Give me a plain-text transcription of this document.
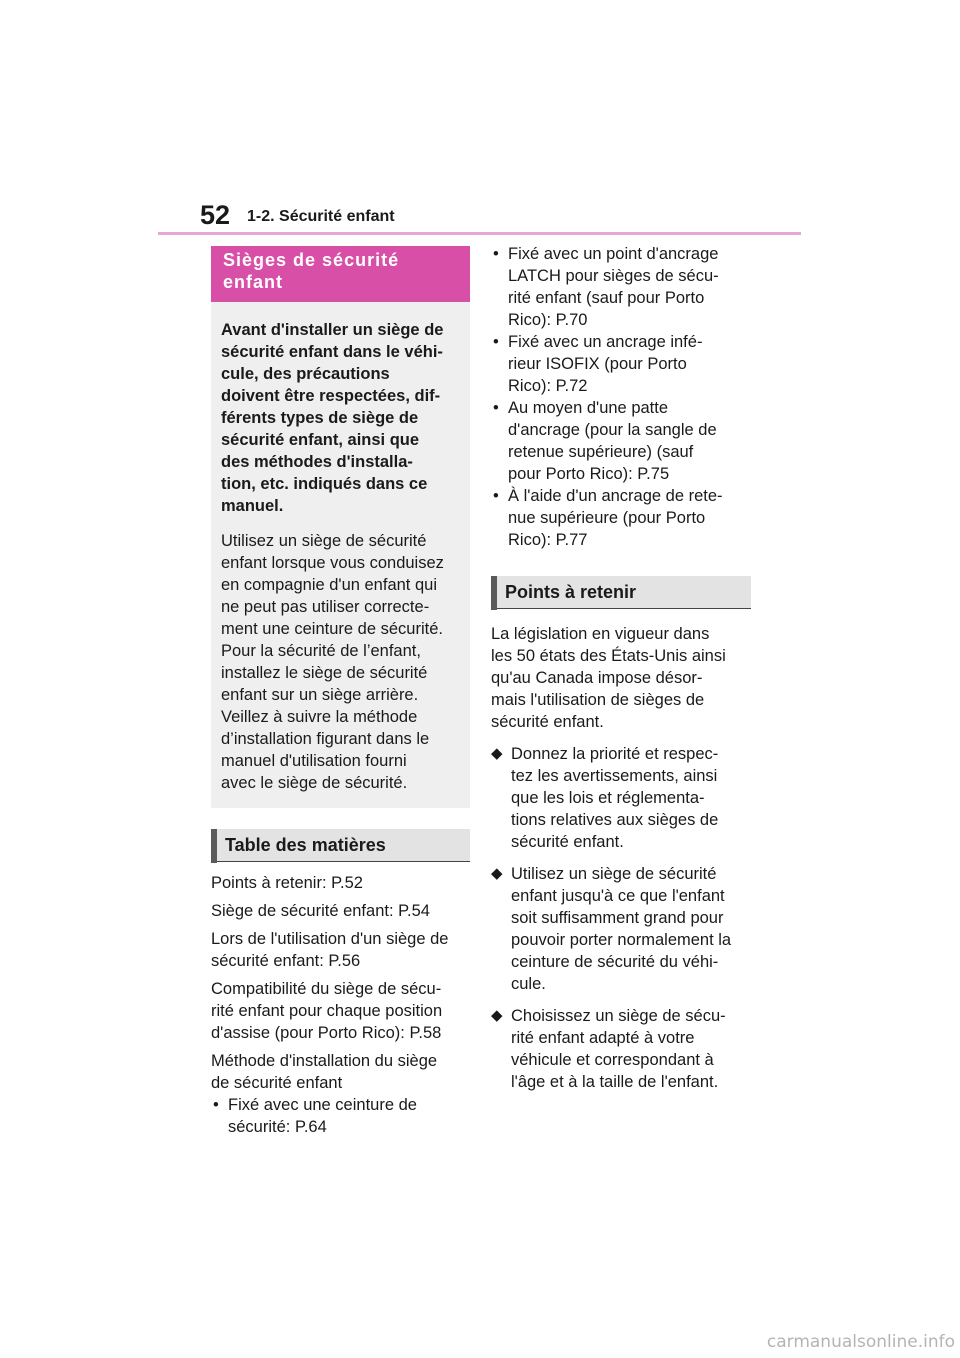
52 1-2. Sécurité enfant
Sièges de sécurité
enfant

Avant d'installer un siège de
sécurité enfant dans le véhi-
cule, des précautions
doivent être respectées, dif-
férents types de siège de
sécurité enfant, ainsi que
des méthodes d'installa-
tion, etc. indiqués dans ce
manuel.

Utilisez un siège de sécurité
enfant lorsque vous conduisez
en compagnie d'un enfant qui
ne peut pas utiliser correcte-
ment une ceinture de sécurité.
Pour la sécurité de l’enfant,
installez le siège de sécurité
enfant sur un siège arrière.
Veillez à suivre la méthode
d’installation figurant dans le
manuel d'utilisation fourni
avec le siège de sécurité.

Table des matières

Points à retenir: P.52

Siège de sécurité enfant: P.54

Lors de l'utilisation d'un siège de
sécurité enfant: P.56

Compatibilité du siège de sécu-
rité enfant pour chaque position
d'assise (pour Porto Rico): P.58

Méthode d'installation du siège
de sécurité enfant

• Fixé avec une ceinture de
sécurité: P.64
• Fixé avec un point d'ancrage
LATCH pour sièges de sécu-
rité enfant (sauf pour Porto
Rico): P.70
• Fixé avec un ancrage infé-
rieur ISOFIX (pour Porto
Rico): P.72
• Au moyen d'une patte
d'ancrage (pour la sangle de
retenue supérieure) (sauf
pour Porto Rico): P.75
• À l'aide d'un ancrage de rete-
nue supérieure (pour Porto
Rico): P.77
Points à retenir

La législation en vigueur dans
les 50 états des États-Unis ainsi
qu'au Canada impose désor-
mais l'utilisation de sièges de
sécurité enfant.

◆ Donnez la priorité et respec-
tez les avertissements, ainsi
que les lois et réglementa-
tions relatives aux sièges de
sécurité enfant.
◆ Utilisez un siège de sécurité
enfant jusqu'à ce que l'enfant
soit suffisamment grand pour
pouvoir porter normalement la
ceinture de sécurité du véhi-
cule.
◆ Choisissez un siège de sécu-
rité enfant adapté à votre
véhicule et correspondant à
l'âge et à la taille de l'enfant.
carmanualsonline.info
